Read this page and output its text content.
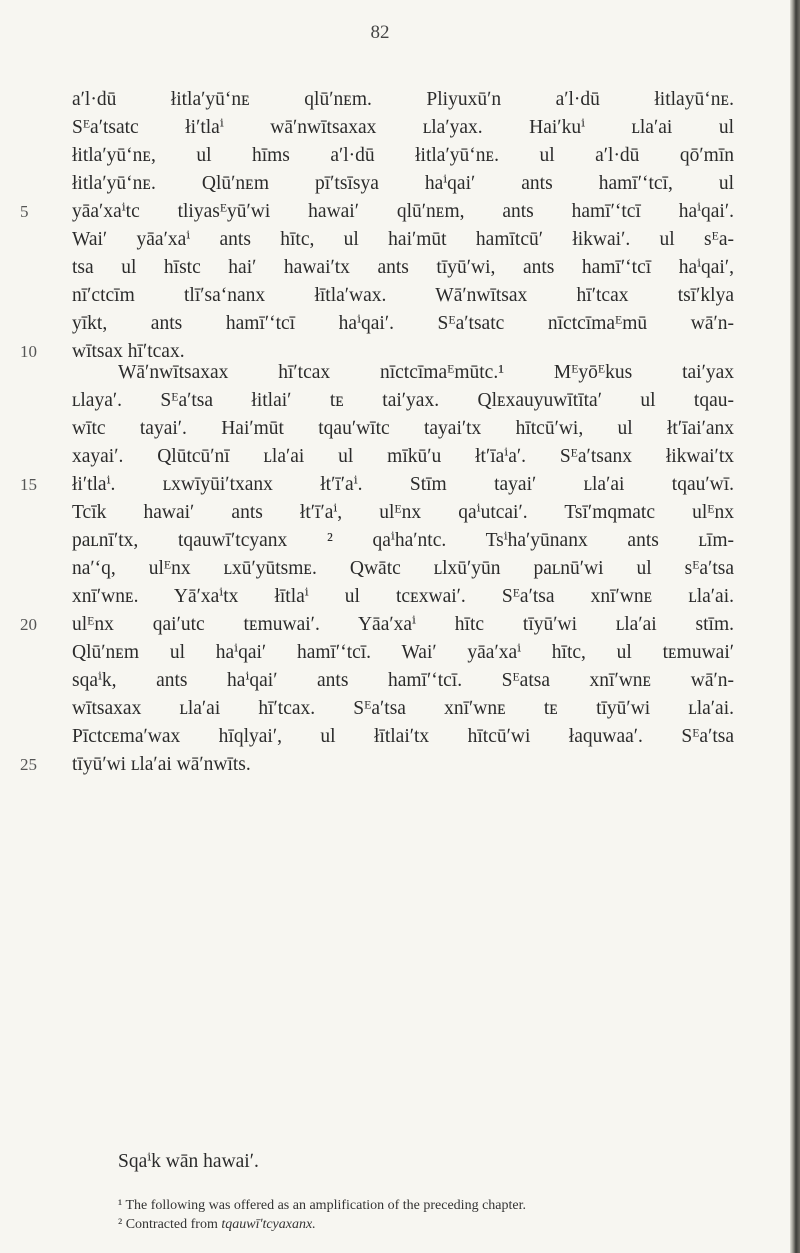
82
aʹl·dū łitlaʹyūʻnᴇ qlūʹnᴇm. Pliyuxūʹn aʹl·dū łitlayūʻnᴇ.
Sᴱaʹtsatc łiʹtlaⁱ wāʹnwītsaxax ʟlaʹyax. Haiʹkuⁱ ʟlaʹai ul
łitlaʹyūʻnᴇ, ul hīms aʹl·dū łitlaʹyūʻnᴇ. ul aʹl·dū qōʹmīn
łitlaʹyūʻnᴇ. Qlūʹnᴇm pīʹtsīsya haⁱqaiʹ ants hamīʹʻtcī, ul
yāaʹxaⁱtc tliyasᴱyūʹwi hawaiʹ qlūʹnᴇm, ants hamīʹʻtcī haⁱqaiʹ.
5
Waiʹ yāaʹxaⁱ ants hītc, ul haiʹmūt hamītcūʹ łikwaiʹ. ul sᴱa-
tsa ul hīstc haiʹ hawaiʹtx ants tīyūʹwi, ants hamīʹʻtcī haⁱqaiʹ,
nīʹctcīm tlīʹsaʻnanx łītlaʹwax. Wāʹnwītsax hīʹtcax tsīʹklya
yīkt, ants hamīʹʻtcī haⁱqaiʹ. Sᴱaʹtsatc nīctcīmaᴱmū wāʹn-
wītsax hīʹtcax.
10
Wāʹnwītsaxax hīʹtcax nīctcīmaᴱmūtc.¹ Mᴱyōᴱkus taiʹyax
ʟlayaʹ. Sᴱaʹtsa łitlaiʹ tᴇ taiʹyax. Qlᴇxauyuwītītaʹ ul tqau-
wītc tayaiʹ. Haiʹmūt tqauʹwītc tayaiʹtx hītcūʹwi, ul łtʹīaiʹanx
xayaiʹ. Qlūtcūʹnī ʟlaʹai ul mīkūʹu łtʹīaⁱaʹ. Sᴱaʹtsanx łikwaiʹtx
łiʹtlaⁱ. ʟxwīyūiʹtxanx łtʹīʹaⁱ. Stīm tayaiʹ ʟlaʹai tqauʹwī.
15
Tcīk hawaiʹ ants łtʹīʹaⁱ, ulᴱnx qaⁱutcaiʹ. Tsīʹmqmatc ulᴱnx
paʟnīʹtx, tqauwīʹtcyanx ² qaⁱhaʹntc. Tsⁱhaʹyūnanx ants ʟīm-
naʹʻq, ulᴱnx ʟxūʹyūtsmᴇ. Qwātc ʟlxūʹyūn paʟnūʹwi ul sᴱaʹtsa
xnīʹwnᴇ. Yāʹxaⁱtx łītlaⁱ ul tcᴇxwaiʹ. Sᴱaʹtsa xnīʹwnᴇ ʟlaʹai.
ulᴱnx qaiʹutc tᴇmuwaiʹ. Yāaʹxaⁱ hītc tīyūʹwi ʟlaʹai stīm.
20
Qlūʹnᴇm ul haⁱqaiʹ hamīʹʻtcī. Waiʹ yāaʹxaⁱ hītc, ul tᴇmuwaiʹ
sqaⁱk, ants haⁱqaiʹ ants hamīʹʻtcī. Sᴱatsa xnīʹwnᴇ wāʹn-
wītsaxax ʟlaʹai hīʹtcax. Sᴱaʹtsa xnīʹwnᴇ tᴇ tīyūʹwi ʟlaʹai.
Pīctcᴇmaʹwax hīqlyaiʹ, ul łītlaiʹtx hītcūʹwi łaquwaaʹ. Sᴱaʹtsa
tīyūʹwi ʟlaʹai wāʹnwīts.
25
Sqaⁱk wān hawaiʹ.
¹ The following was offered as an amplification of the preceding chapter.
² Contracted from tqauwīʹtcyaxanx.
